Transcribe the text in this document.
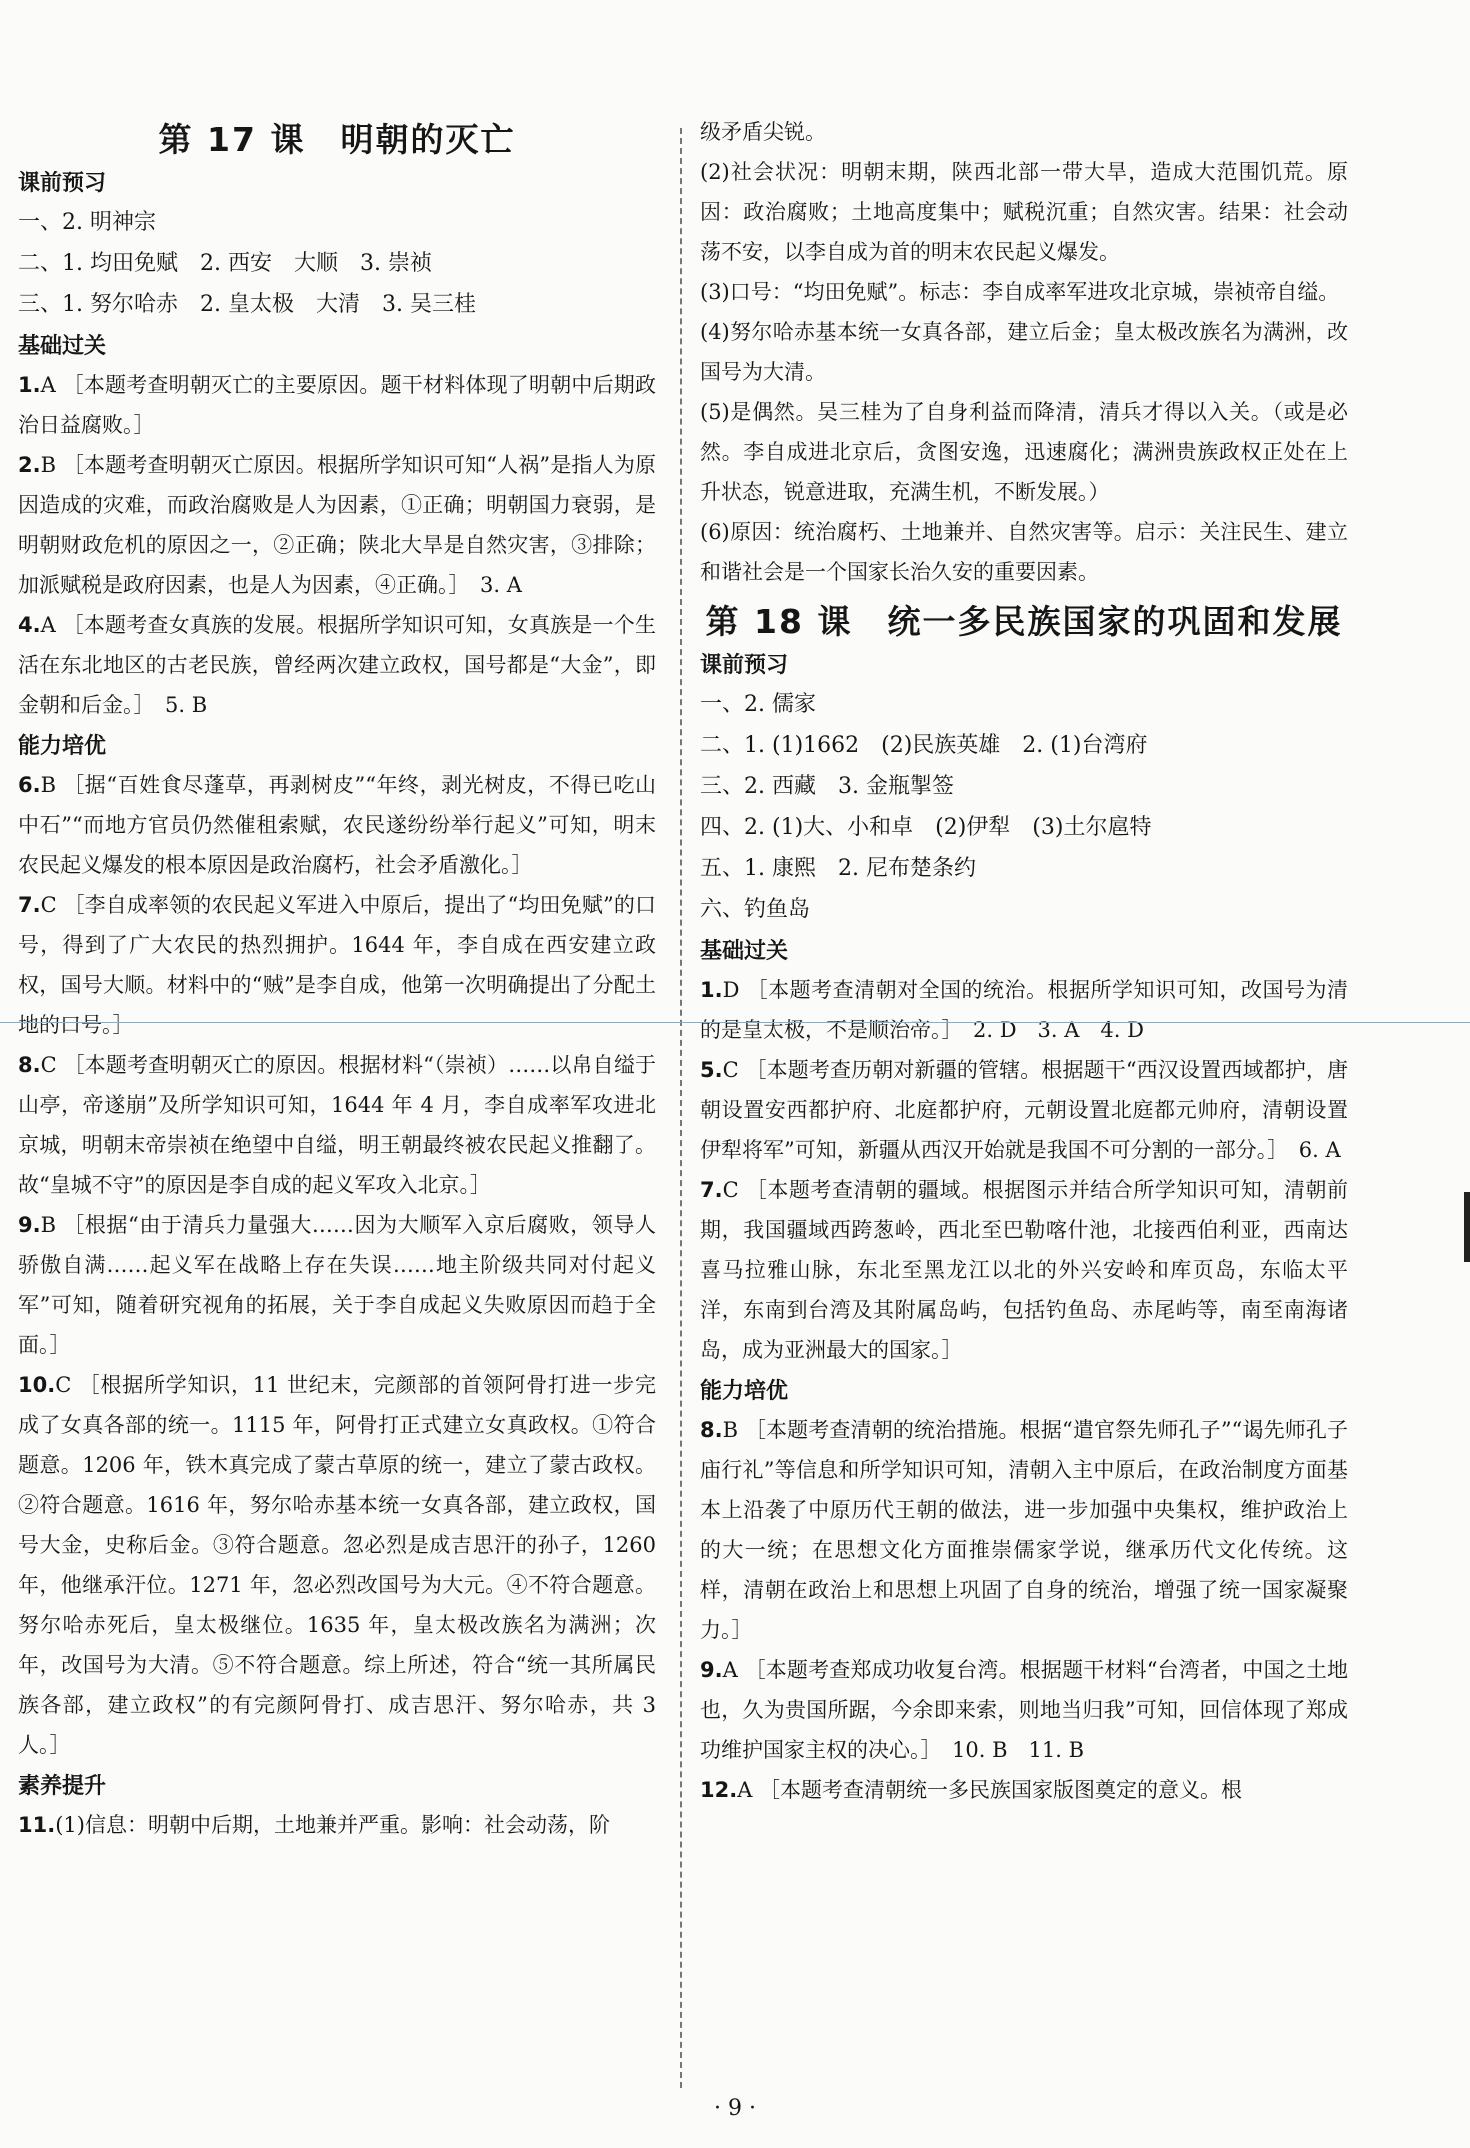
第 17 课　明朝的灭亡
课前预习
一、2. 明神宗
二、1. 均田免赋　2. 西安　大顺　3. 崇祯
三、1. 努尔哈赤　2. 皇太极　大清　3. 吴三桂
基础过关
1.A ［本题考查明朝灭亡的主要原因。题干材料体现了明朝中后期政治日益腐败。］
2.B ［本题考查明朝灭亡原因。根据所学知识可知“人祸”是指人为原因造成的灾难，而政治腐败是人为因素，①正确；明朝国力衰弱，是明朝财政危机的原因之一，②正确；陕北大旱是自然灾害，③排除；加派赋税是政府因素，也是人为因素，④正确。］　3. A
4.A ［本题考查女真族的发展。根据所学知识可知，女真族是一个生活在东北地区的古老民族，曾经两次建立政权，国号都是“大金”，即金朝和后金。］　5. B
能力培优
6.B ［据“百姓食尽蓬草，再剥树皮”“年终，剥光树皮，不得已吃山中石”“而地方官员仍然催租索赋，农民遂纷纷举行起义”可知，明末农民起义爆发的根本原因是政治腐朽，社会矛盾激化。］
7.C ［李自成率领的农民起义军进入中原后，提出了“均田免赋”的口号，得到了广大农民的热烈拥护。1644 年，李自成在西安建立政权，国号大顺。材料中的“贼”是李自成，他第一次明确提出了分配土地的口号。］
8.C ［本题考查明朝灭亡的原因。根据材料“（崇祯）……以帛自缢于山亭，帝遂崩”及所学知识可知，1644 年 4 月，李自成率军攻进北京城，明朝末帝崇祯在绝望中自缢，明王朝最终被农民起义推翻了。故“皇城不守”的原因是李自成的起义军攻入北京。］
9.B ［根据“由于清兵力量强大……因为大顺军入京后腐败，领导人骄傲自满……起义军在战略上存在失误……地主阶级共同对付起义军”可知，随着研究视角的拓展，关于李自成起义失败原因而趋于全面。］
10.C ［根据所学知识，11 世纪末，完颜部的首领阿骨打进一步完成了女真各部的统一。1115 年，阿骨打正式建立女真政权。①符合题意。1206 年，铁木真完成了蒙古草原的统一，建立了蒙古政权。②符合题意。1616 年，努尔哈赤基本统一女真各部，建立政权，国号大金，史称后金。③符合题意。忽必烈是成吉思汗的孙子，1260 年，他继承汗位。1271 年，忽必烈改国号为大元。④不符合题意。努尔哈赤死后，皇太极继位。1635 年，皇太极改族名为满洲；次年，改国号为大清。⑤不符合题意。综上所述，符合“统一其所属民族各部，建立政权”的有完颜阿骨打、成吉思汗、努尔哈赤，共 3 人。］
素养提升
11.(1)信息：明朝中后期，土地兼并严重。影响：社会动荡，阶
级矛盾尖锐。
(2)社会状况：明朝末期，陕西北部一带大旱，造成大范围饥荒。原因：政治腐败；土地高度集中；赋税沉重；自然灾害。结果：社会动荡不安，以李自成为首的明末农民起义爆发。
(3)口号：“均田免赋”。标志：李自成率军进攻北京城，崇祯帝自缢。
(4)努尔哈赤基本统一女真各部，建立后金；皇太极改族名为满洲，改国号为大清。
(5)是偶然。吴三桂为了自身利益而降清，清兵才得以入关。（或是必然。李自成进北京后，贪图安逸，迅速腐化；满洲贵族政权正处在上升状态，锐意进取，充满生机，不断发展。）
(6)原因：统治腐朽、土地兼并、自然灾害等。启示：关注民生、建立和谐社会是一个国家长治久安的重要因素。
第 18 课　统一多民族国家的巩固和发展
课前预习
一、2. 儒家
二、1. (1)1662　(2)民族英雄　2. (1)台湾府
三、2. 西藏　3. 金瓶掣签
四、2. (1)大、小和卓　(2)伊犁　(3)土尔扈特
五、1. 康熙　2. 尼布楚条约
六、钓鱼岛
基础过关
1.D ［本题考查清朝对全国的统治。根据所学知识可知，改国号为清的是皇太极，不是顺治帝。］　2. D　3. A　4. D
5.C ［本题考查历朝对新疆的管辖。根据题干“西汉设置西域都护，唐朝设置安西都护府、北庭都护府，元朝设置北庭都元帅府，清朝设置伊犁将军”可知，新疆从西汉开始就是我国不可分割的一部分。］　6. A
7.C ［本题考查清朝的疆域。根据图示并结合所学知识可知，清朝前期，我国疆域西跨葱岭，西北至巴勒喀什池，北接西伯利亚，西南达喜马拉雅山脉，东北至黑龙江以北的外兴安岭和库页岛，东临太平洋，东南到台湾及其附属岛屿，包括钓鱼岛、赤尾屿等，南至南海诸岛，成为亚洲最大的国家。］
能力培优
8.B ［本题考查清朝的统治措施。根据“遣官祭先师孔子”“谒先师孔子庙行礼”等信息和所学知识可知，清朝入主中原后，在政治制度方面基本上沿袭了中原历代王朝的做法，进一步加强中央集权，维护政治上的大一统；在思想文化方面推崇儒家学说，继承历代文化传统。这样，清朝在政治上和思想上巩固了自身的统治，增强了统一国家凝聚力。］
9.A ［本题考查郑成功收复台湾。根据题干材料“台湾者，中国之土地也，久为贵国所踞，今余即来索，则地当归我”可知，回信体现了郑成功维护国家主权的决心。］　10. B　11. B
12.A ［本题考查清朝统一多民族国家版图奠定的意义。根
· 9 ·
